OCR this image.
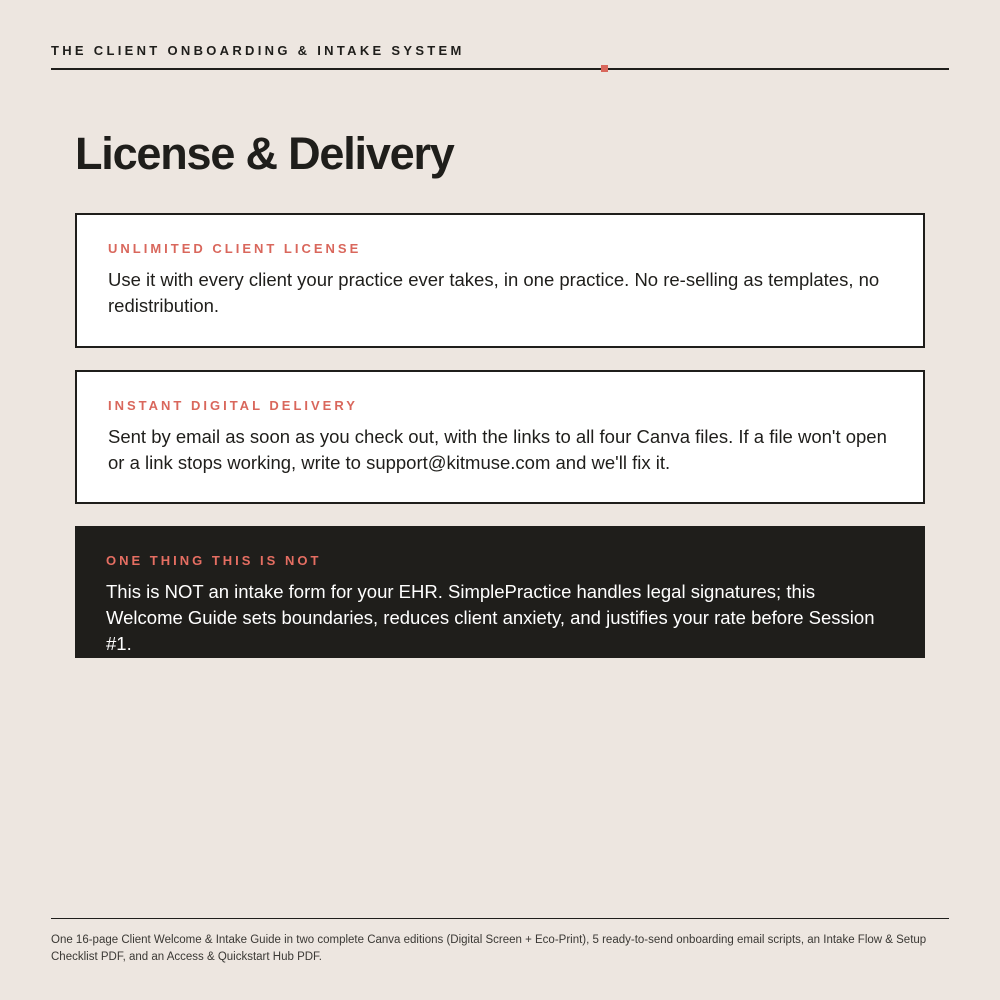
THE CLIENT ONBOARDING & INTAKE SYSTEM
License & Delivery
UNLIMITED CLIENT LICENSE

Use it with every client your practice ever takes, in one practice. No re-selling as templates, no redistribution.

INSTANT DIGITAL DELIVERY

Sent by email as soon as you check out, with the links to all four Canva files. If a file won't open or a link stops working, write to support@kitmuse.com and we'll fix it.

ONE THING THIS IS NOT

This is NOT an intake form for your EHR. SimplePractice handles legal signatures; this Welcome Guide sets boundaries, reduces client anxiety, and justifies your rate before Session #1.

One 16-page Client Welcome & Intake Guide in two complete Canva editions (Digital Screen + Eco-Print), 5 ready-to-send onboarding email scripts, an Intake Flow & Setup Checklist PDF, and an Access & Quickstart Hub PDF.
